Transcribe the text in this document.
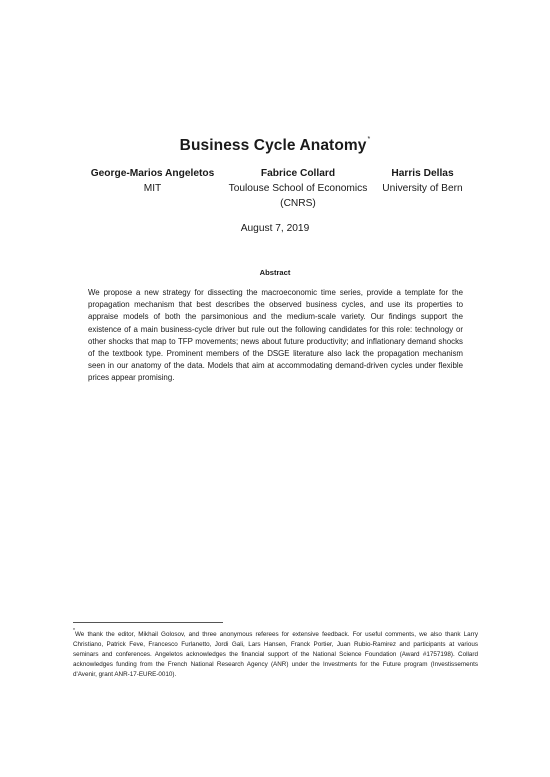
Business Cycle Anatomy*
George-Marios Angeletos
MIT
Fabrice Collard
Toulouse School of Economics (CNRS)
Harris Dellas
University of Bern
August 7, 2019
Abstract
We propose a new strategy for dissecting the macroeconomic time series, provide a template for the propagation mechanism that best describes the observed business cycles, and use its properties to appraise models of both the parsimonious and the medium-scale variety. Our findings support the existence of a main business-cycle driver but rule out the following candidates for this role: technology or other shocks that map to TFP movements; news about future productivity; and inflationary demand shocks of the textbook type. Prominent members of the DSGE literature also lack the propagation mechanism seen in our anatomy of the data. Models that aim at accommodating demand-driven cycles under flexible prices appear promising.
*We thank the editor, Mikhail Golosov, and three anonymous referees for extensive feedback. For useful comments, we also thank Larry Christiano, Patrick Feve, Francesco Furlanetto, Jordi Gali, Lars Hansen, Franck Portier, Juan Rubio-Ramirez and participants at various seminars and conferences. Angeletos acknowledges the financial support of the National Science Foundation (Award #1757198). Collard acknowledges funding from the French National Research Agency (ANR) under the Investments for the Future program (Investissements d'Avenir, grant ANR-17-EURE-0010).
